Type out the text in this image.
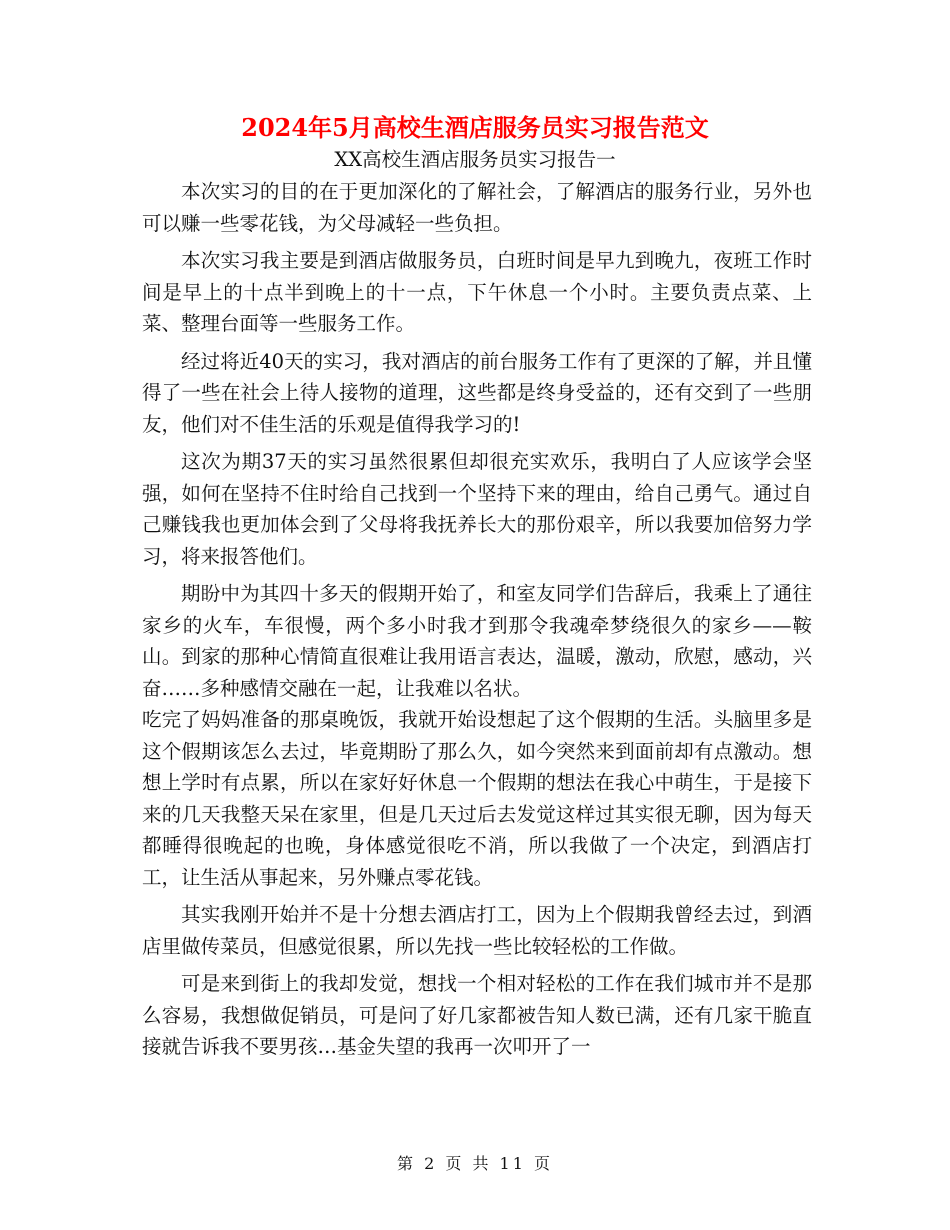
2024年5月高校生酒店服务员实习报告范文
XX高校生酒店服务员实习报告一

本次实习的目的在于更加深化的了解社会，了解酒店的服务行业，另外也可以赚一些零花钱，为父母减轻一些负担。

本次实习我主要是到酒店做服务员，白班时间是早九到晚九，夜班工作时间是早上的十点半到晚上的十一点，下午休息一个小时。主要负责点菜、上菜、整理台面等一些服务工作。

经过将近40天的实习，我对酒店的前台服务工作有了更深的了解，并且懂得了一些在社会上待人接物的道理，这些都是终身受益的，还有交到了一些朋友，他们对不佳生活的乐观是值得我学习的!

这次为期37天的实习虽然很累但却很充实欢乐，我明白了人应该学会坚强，如何在坚持不住时给自己找到一个坚持下来的理由，给自己勇气。通过自己赚钱我也更加体会到了父母将我抚养长大的那份艰辛，所以我要加倍努力学习，将来报答他们。

期盼中为其四十多天的假期开始了，和室友同学们告辞后，我乘上了通往家乡的火车，车很慢，两个多小时我才到那令我魂牵梦绕很久的家乡——鞍山。到家的那种心情简直很难让我用语言表达，温暖，激动，欣慰，感动，兴奋……多种感情交融在一起，让我难以名状。

吃完了妈妈准备的那桌晚饭，我就开始设想起了这个假期的生活。头脑里多是这个假期该怎么去过，毕竟期盼了那么久，如今突然来到面前却有点激动。想想上学时有点累，所以在家好好休息一个假期的想法在我心中萌生，于是接下来的几天我整天呆在家里，但是几天过后去发觉这样过其实很无聊，因为每天都睡得很晚起的也晚，身体感觉很吃不消，所以我做了一个决定，到酒店打工，让生活从事起来，另外赚点零花钱。

其实我刚开始并不是十分想去酒店打工，因为上个假期我曾经去过，到酒店里做传菜员，但感觉很累，所以先找一些比较轻松的工作做。

可是来到街上的我却发觉，想找一个相对轻松的工作在我们城市并不是那么容易，我想做促销员，可是问了好几家都被告知人数已满，还有几家干脆直接就告诉我不要男孩…基金失望的我再一次叩开了一

第 2 页 共 11 页
